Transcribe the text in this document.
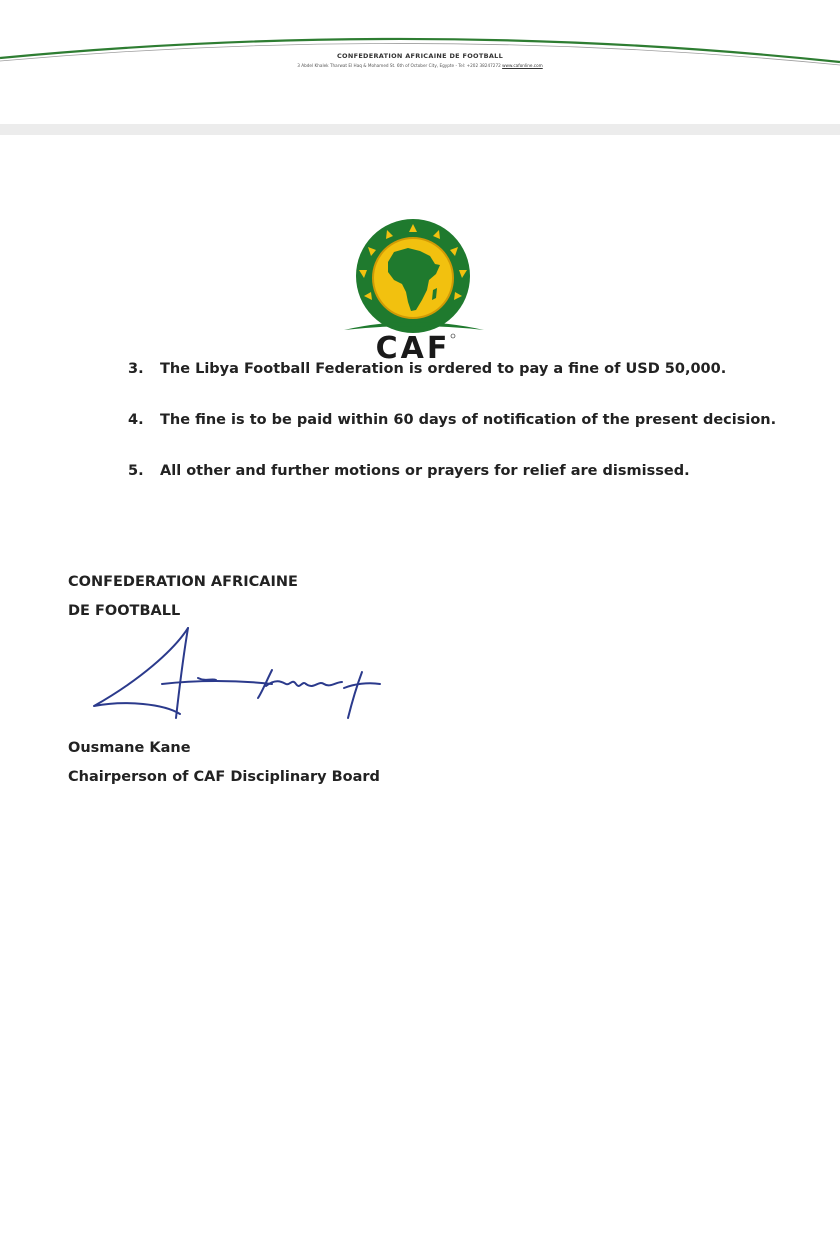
CONFEDERATION AFRICAINE DE FOOTBALL
3 Abdel Khalek Tharwat El Haq & Mohamed St. 6th of October City, Egypte - Tel: +202 38247272 www.cafonline.com
CAF
3.	The Libya Football Federation is ordered to pay a fine of USD 50,000.
4.	The fine is to be paid within 60 days of notification of the present decision.
5.	All other and further motions or prayers for relief are dismissed.
CONFEDERATION AFRICAINE
DE FOOTBALL
Ousmane Kane
Chairperson of CAF Disciplinary Board
